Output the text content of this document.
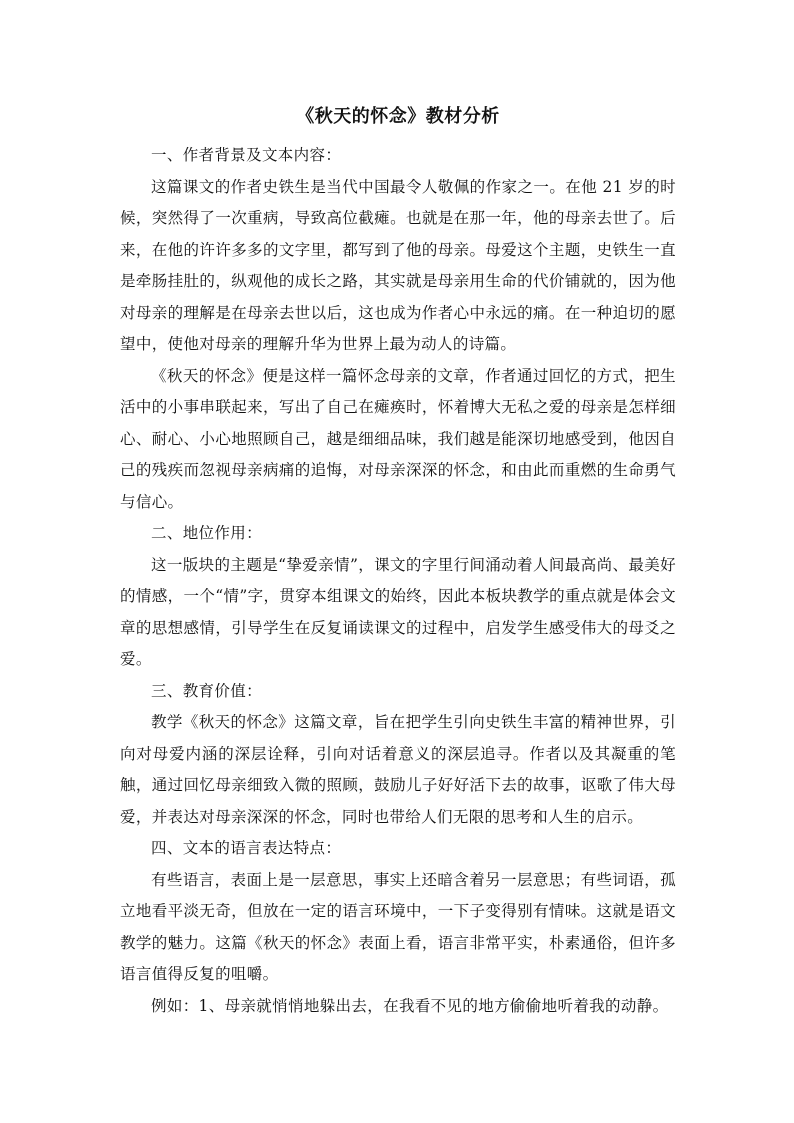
《秋天的怀念》教材分析

一、作者背景及文本内容：

这篇课文的作者史铁生是当代中国最令人敬佩的作家之一。在他 21 岁的时候，突然得了一次重病，导致高位截瘫。也就是在那一年，他的母亲去世了。后来，在他的许许多多的文字里，都写到了他的母亲。母爱这个主题，史铁生一直是牵肠挂肚的，纵观他的成长之路，其实就是母亲用生命的代价铺就的，因为他对母亲的理解是在母亲去世以后，这也成为作者心中永远的痛。在一种迫切的愿望中，使他对母亲的理解升华为世界上最为动人的诗篇。

《秋天的怀念》便是这样一篇怀念母亲的文章，作者通过回忆的方式，把生活中的小事串联起来，写出了自己在瘫痪时，怀着博大无私之爱的母亲是怎样细心、耐心、小心地照顾自己，越是细细品味，我们越是能深切地感受到，他因自己的残疾而忽视母亲病痛的追悔，对母亲深深的怀念，和由此而重燃的生命勇气与信心。

二、地位作用：

这一版块的主题是“挚爱亲情”，课文的字里行间涌动着人间最高尚、最美好的情感，一个“情”字，贯穿本组课文的始终，因此本板块教学的重点就是体会文章的思想感情，引导学生在反复诵读课文的过程中，启发学生感受伟大的母爻之爱。

三、教育价值：

教学《秋天的怀念》这篇文章，旨在把学生引向史铁生丰富的精神世界，引向对母爱内涵的深层诠释，引向对话着意义的深层追寻。作者以及其凝重的笔触，通过回忆母亲细致入微的照顾，鼓励儿子好好活下去的故事，讴歌了伟大母爱，并表达对母亲深深的怀念，同时也带给人们无限的思考和人生的启示。

四、文本的语言表达特点：

有些语言，表面上是一层意思，事实上还暗含着另一层意思；有些词语，孤立地看平淡无奇，但放在一定的语言环境中，一下子变得别有情味。这就是语文教学的魅力。这篇《秋天的怀念》表面上看，语言非常平实，朴素通俗，但许多语言值得反复的咀嚼。

例如：1、母亲就悄悄地躲出去，在我看不见的地方偷偷地听着我的动静。
